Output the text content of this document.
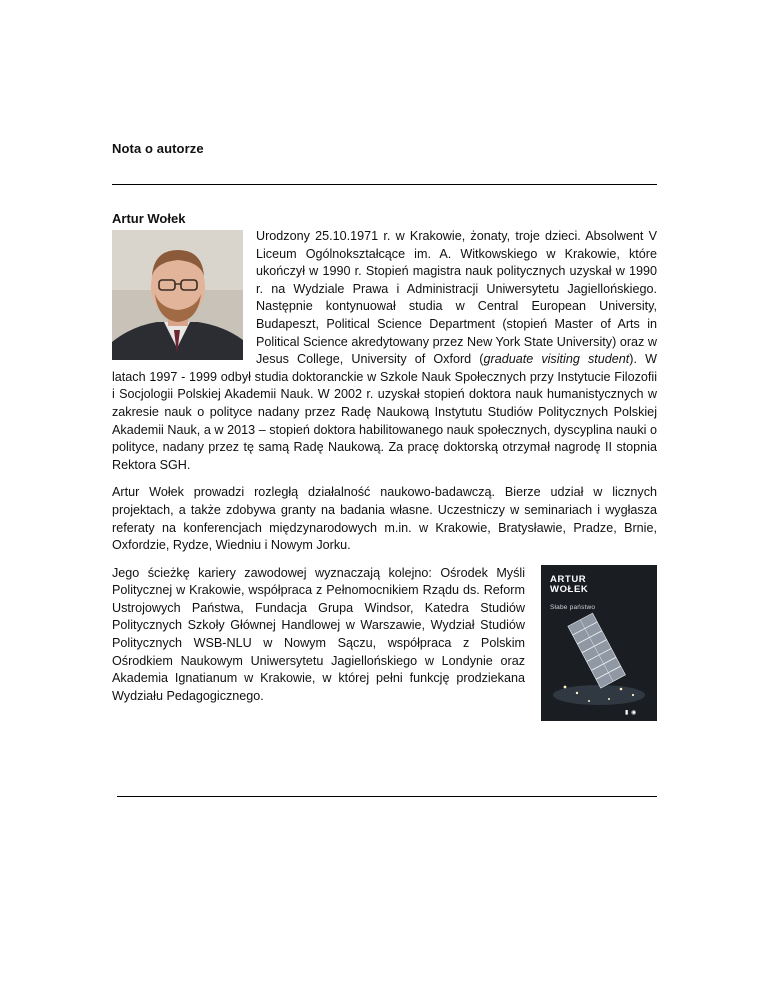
Nota o autorze
Artur Wołek

Urodzony 25.10.1971 r. w Krakowie, żonaty, troje dzieci. Absolwent V Liceum Ogólnokształcące im. A. Witkowskiego w Krakowie, które ukończył w 1990 r. Stopień magistra nauk politycznych uzyskał w 1990 r. na Wydziale Prawa i Administracji Uniwersytetu Jagiellońskiego. Następnie kontynuował studia w Central European University, Budapeszt, Political Science Department (stopień Master of Arts in Political Science akredytowany przez New York State University) oraz w Jesus College, University of Oxford (graduate visiting student). W latach 1997 - 1999 odbył studia doktoranckie w Szkole Nauk Społecznych przy Instytucie Filozofii i Socjologii Polskiej Akademii Nauk. W 2002 r. uzyskał stopień doktora nauk humanistycznych w zakresie nauk o polityce nadany przez Radę Naukową Instytutu Studiów Politycznych Polskiej Akademii Nauk, a w 2013 – stopień doktora habilitowanego nauk społecznych, dyscyplina nauki o polityce, nadany przez tę samą Radę Naukową. Za pracę doktorską otrzymał nagrodę II stopnia Rektora SGH.

Artur Wołek prowadzi rozległą działalność naukowo-badawczą. Bierze udział w licznych projektach, a także zdobywa granty na badania własne. Uczestniczy w seminariach i wygłasza referaty na konferencjach międzynarodowych m.in. w Krakowie, Bratysławie, Pradze, Brnie, Oxfordzie, Rydze, Wiedniu i Nowym Jorku.

ARTUR
WOŁEK
Słabe państwo
▮ ◉
Jego ścieżkę kariery zawodowej wyznaczają kolejno: Ośrodek Myśli Politycznej w Krakowie, współpraca z Pełnomocnikiem Rządu ds. Reform Ustrojowych Państwa, Fundacja Grupa Windsor, Katedra Studiów Politycznych Szkoły Głównej Handlowej w Warszawie, Wydział Studiów Politycznych WSB-NLU w Nowym Sączu, współpraca z Polskim Ośrodkiem Naukowym Uniwersytetu Jagiellońskiego w Londynie oraz Akademia Ignatianum w Krakowie, w której pełni funkcję prodziekana Wydziału Pedagogicznego.
